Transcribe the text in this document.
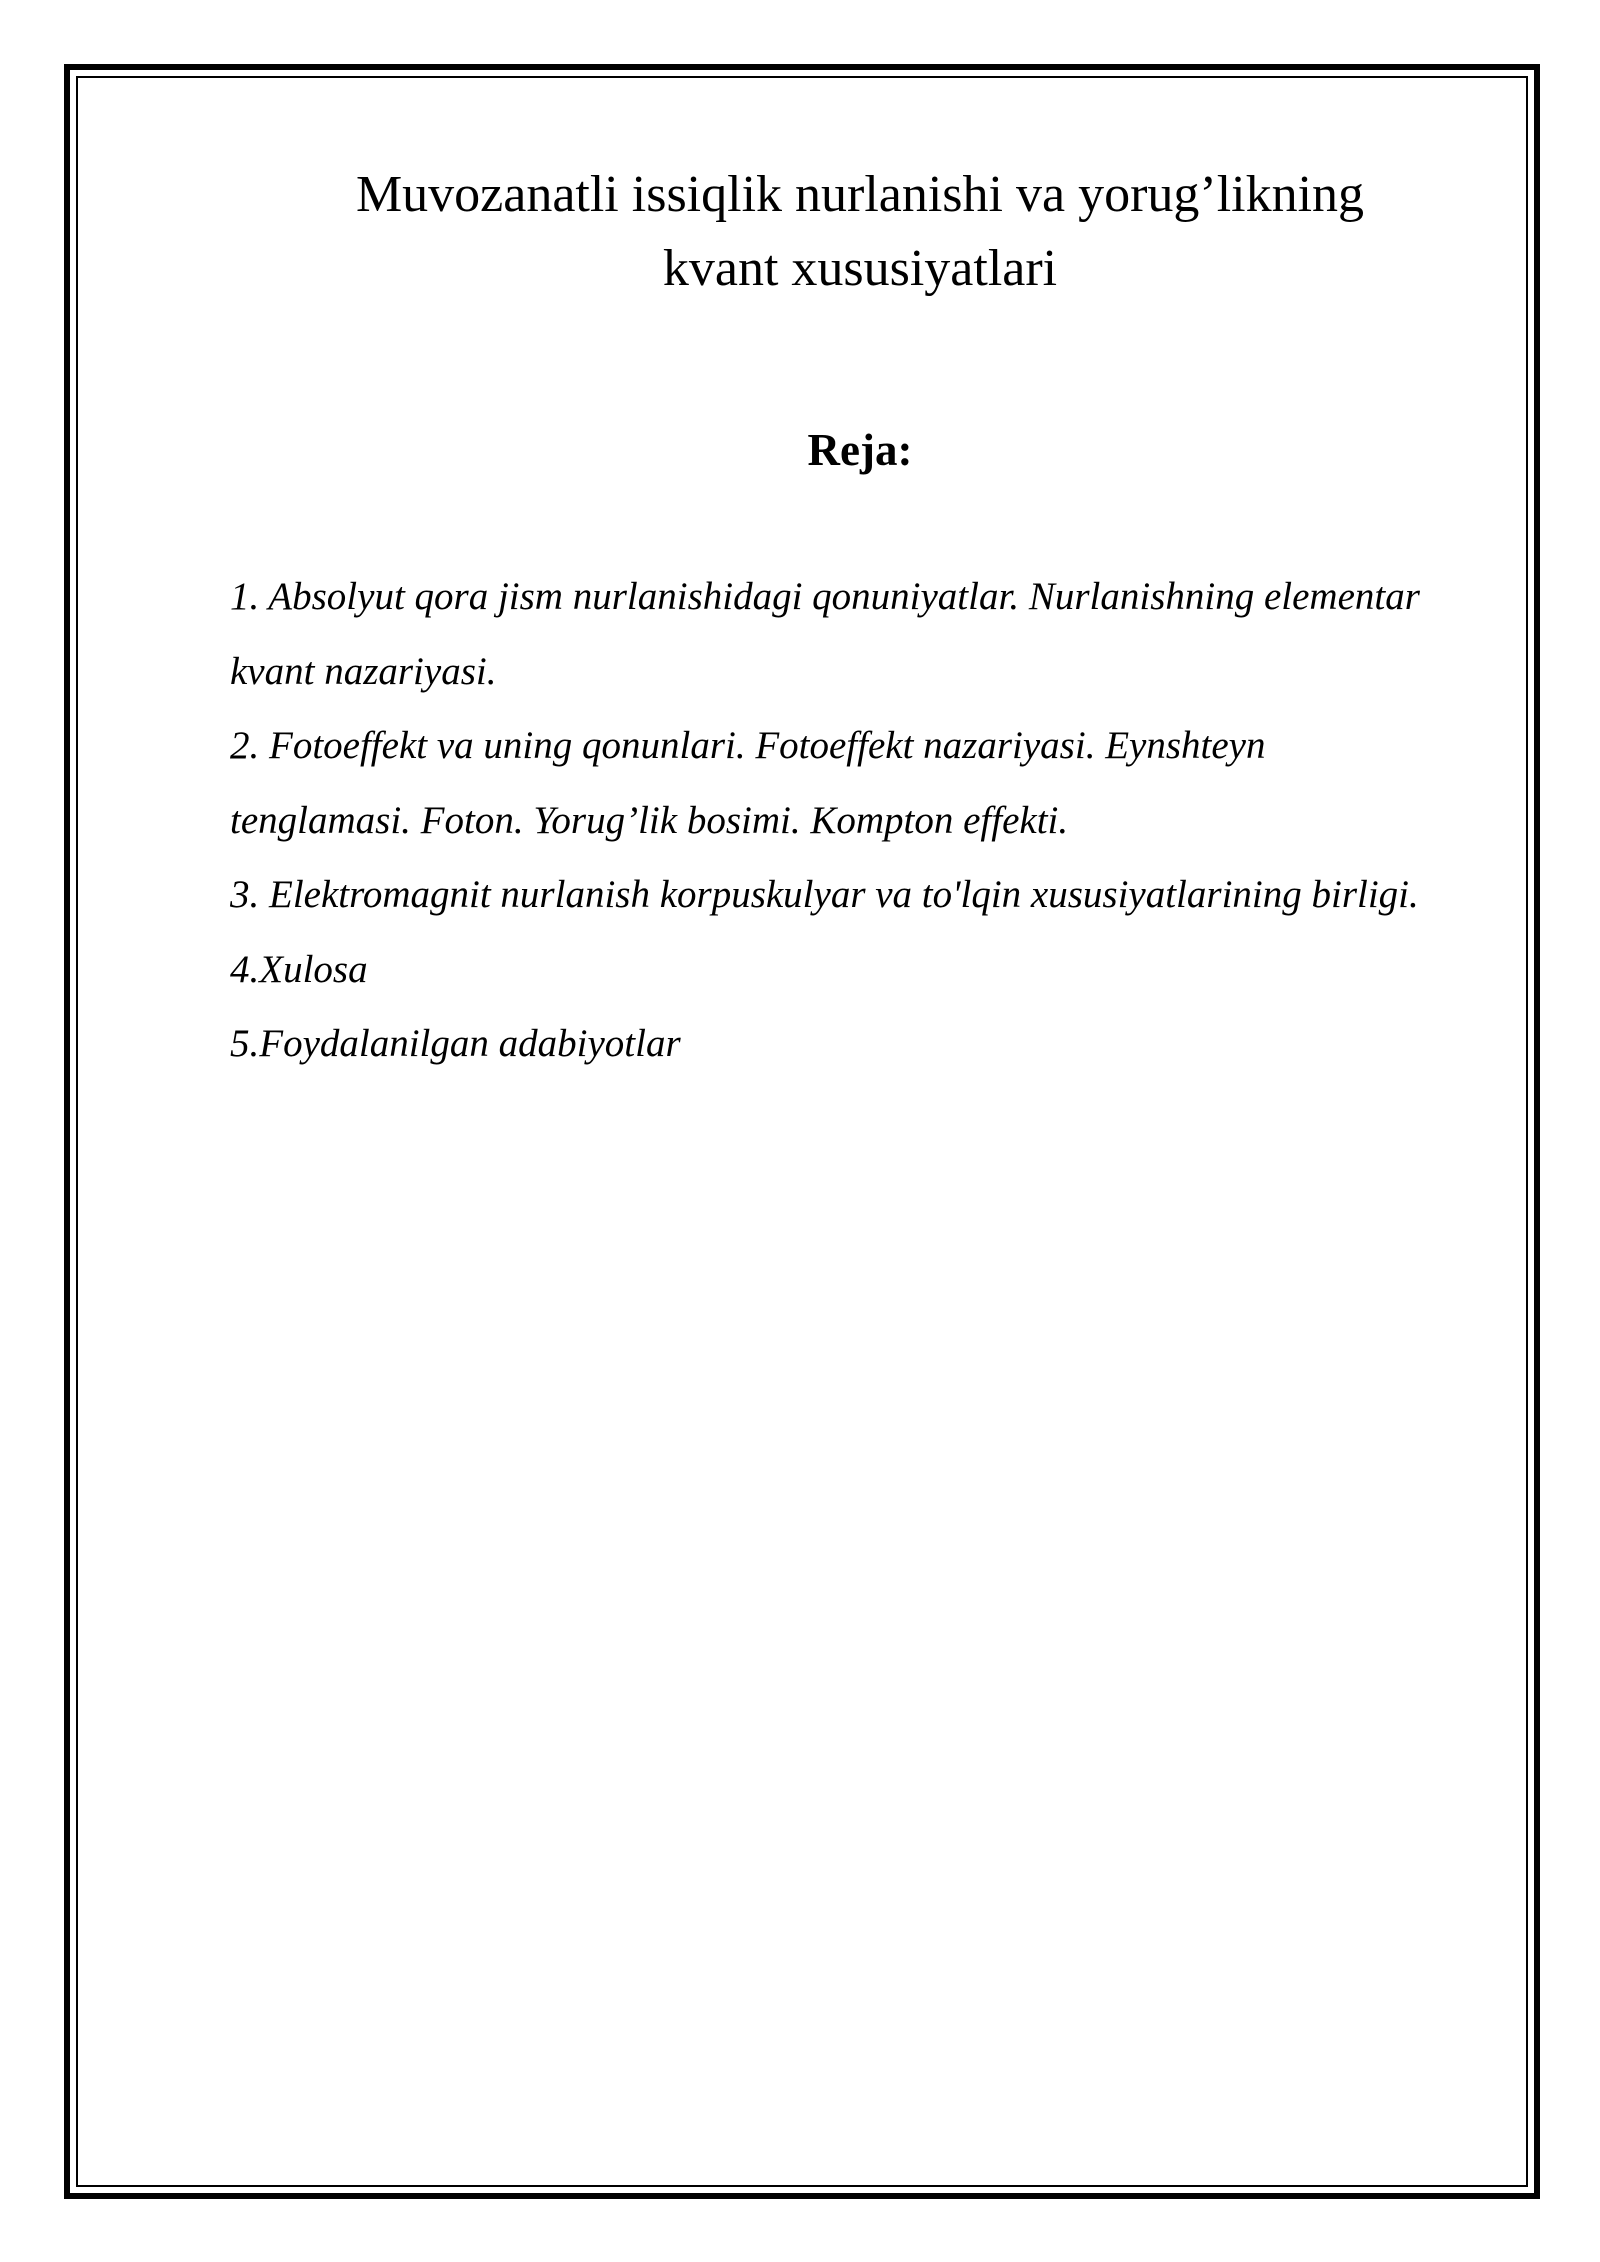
Muvozanatli issiqlik nurlanishi va yorug’likning
kvant xususiyatlari
Reja:
1. Absolyut qora jism nurlanishidagi qonuniyatlar. Nurlanishning elementar kvant nazariyasi.
2. Fotoeffekt va uning qonunlari. Fotoeffekt nazariyasi. Eynshteyn tenglamasi. Foton. Yorug’lik bosimi. Kompton effekti.
3. Elektromagnit nurlanish korpuskulyar va to'lqin xususiyatlarining birligi.
4.Xulosa
5.Foydalanilgan adabiyotlar
